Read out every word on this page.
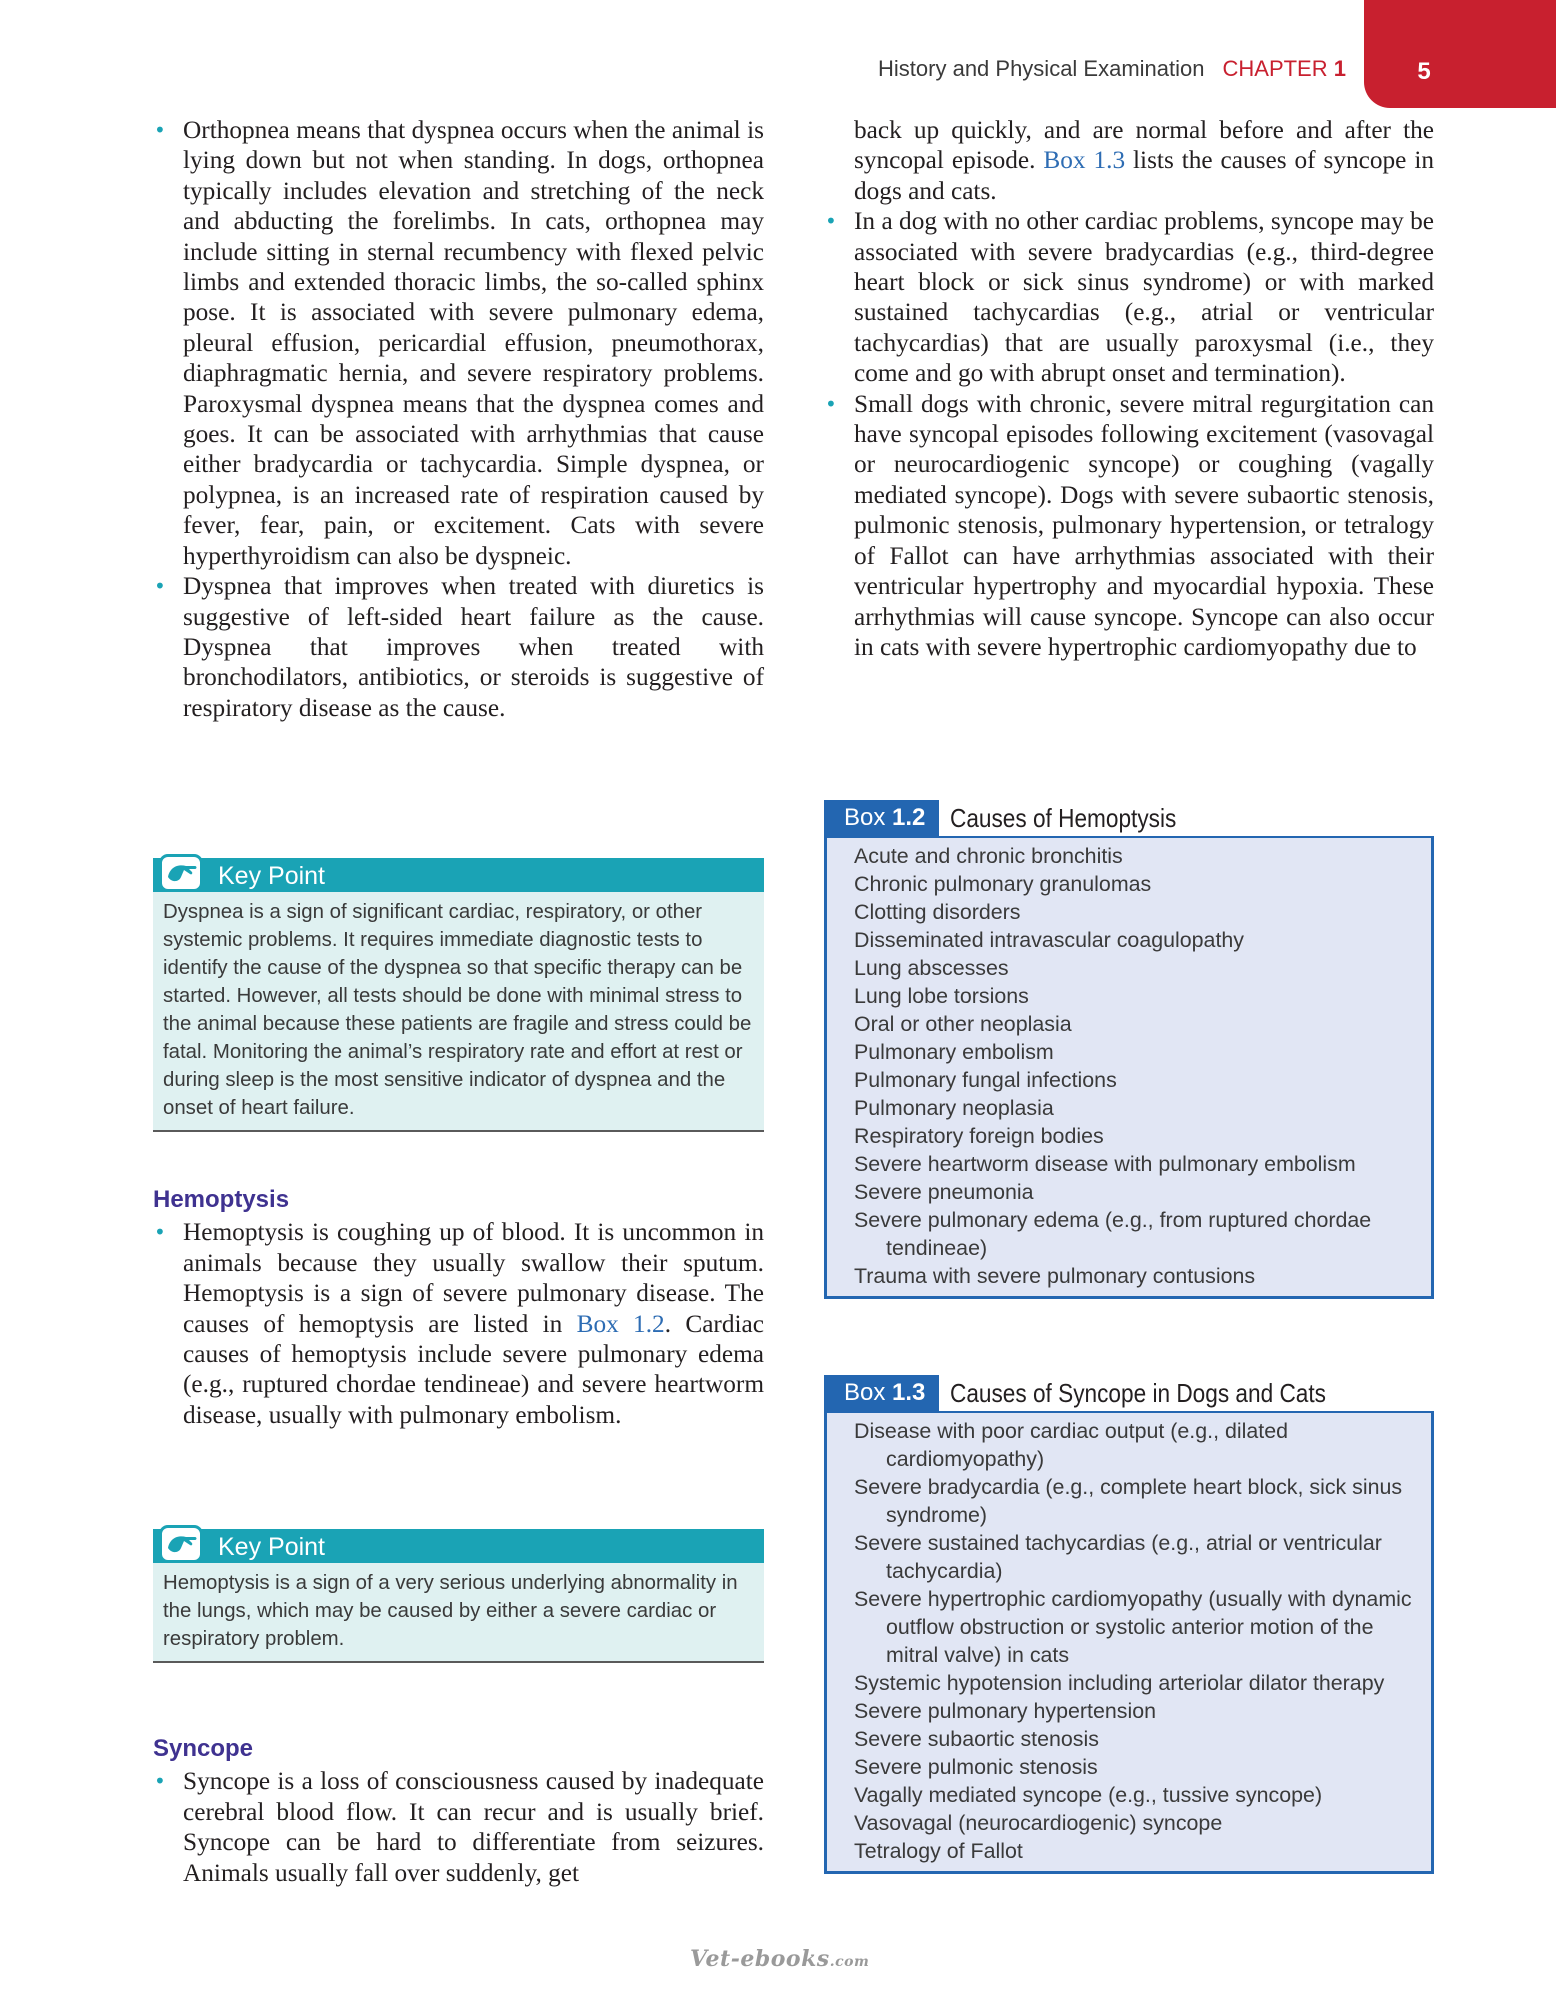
History and Physical Examination CHAPTER 1	5

• Orthopnea means that dyspnea occurs when the animal is lying down but not when standing. In dogs, orthopnea typically includes elevation and stretching of the neck and abducting the forelimbs. In cats, orthopnea may include sitting in sternal recumbency with flexed pelvic limbs and extended thoracic limbs, the so-called sphinx pose. It is associated with severe pulmonary edema, pleural effusion, pericardial effusion, pneumothorax, diaphragmatic hernia, and severe respiratory problems. Paroxysmal dyspnea means that the dyspnea comes and goes. It can be associated with arrhythmias that cause either bradycardia or tachycardia. Simple dyspnea, or polypnea, is an increased rate of respiration caused by fever, fear, pain, or excitement. Cats with severe hyperthyroidism can also be dyspneic.

• Dyspnea that improves when treated with diuretics is suggestive of left-sided heart failure as the cause. Dyspnea that improves when treated with bronchodilators, antibiotics, or steroids is suggestive of respiratory disease as the cause.

Key Point
Dyspnea is a sign of significant cardiac, respiratory, or other systemic problems. It requires immediate diagnostic tests to identify the cause of the dyspnea so that specific therapy can be started. However, all tests should be done with minimal stress to the animal because these patients are fragile and stress could be fatal. Monitoring the animal’s respiratory rate and effort at rest or during sleep is the most sensitive indicator of dyspnea and the onset of heart failure.
Hemoptysis

• Hemoptysis is coughing up of blood. It is uncommon in animals because they usually swallow their sputum. Hemoptysis is a sign of severe pulmonary disease. The causes of hemoptysis are listed in Box 1.2. Cardiac causes of hemoptysis include severe pulmonary edema (e.g., ruptured chordae tendineae) and severe heartworm disease, usually with pulmonary embolism.

Key Point
Hemoptysis is a sign of a very serious underlying abnormality in the lungs, which may be caused by either a severe cardiac or respiratory problem.
Syncope

• Syncope is a loss of consciousness caused by inadequate cerebral blood flow. It can recur and is usually brief. Syncope can be hard to differentiate from seizures. Animals usually fall over suddenly, get

back up quickly, and are normal before and after the syncopal episode. Box 1.3 lists the causes of syncope in dogs and cats.

• In a dog with no other cardiac problems, syncope may be associated with severe bradycardias (e.g., third-degree heart block or sick sinus syndrome) or with marked sustained tachycardias (e.g., atrial or ventricular tachycardias) that are usually paroxysmal (i.e., they come and go with abrupt onset and termination).

• Small dogs with chronic, severe mitral regurgitation can have syncopal episodes following excitement (vasovagal or neurocardiogenic syncope) or coughing (vagally mediated syncope). Dogs with severe subaortic stenosis, pulmonic stenosis, pulmonary hypertension, or tetralogy of Fallot can have arrhythmias associated with their ventricular hypertrophy and myocardial hypoxia. These arrhythmias will cause syncope. Syncope can also occur in cats with severe hypertrophic cardiomyopathy due to

Box 1.2 Causes of Hemoptysis
Acute and chronic bronchitis
Chronic pulmonary granulomas
Clotting disorders
Disseminated intravascular coagulopathy
Lung abscesses
Lung lobe torsions
Oral or other neoplasia
Pulmonary embolism
Pulmonary fungal infections
Pulmonary neoplasia
Respiratory foreign bodies
Severe heartworm disease with pulmonary embolism
Severe pneumonia
Severe pulmonary edema (e.g., from ruptured chordae tendineae)
Trauma with severe pulmonary contusions
Box 1.3 Causes of Syncope in Dogs and Cats
Disease with poor cardiac output (e.g., dilated cardiomyopathy)
Severe bradycardia (e.g., complete heart block, sick sinus syndrome)
Severe sustained tachycardias (e.g., atrial or ventricular tachycardia)
Severe hypertrophic cardiomyopathy (usually with dynamic outflow obstruction or systolic anterior motion of the mitral valve) in cats
Systemic hypotension including arteriolar dilator therapy
Severe pulmonary hypertension
Severe subaortic stenosis
Severe pulmonic stenosis
Vagally mediated syncope (e.g., tussive syncope)
Vasovagal (neurocardiogenic) syncope
Tetralogy of Fallot
Vet-ebooks.com
